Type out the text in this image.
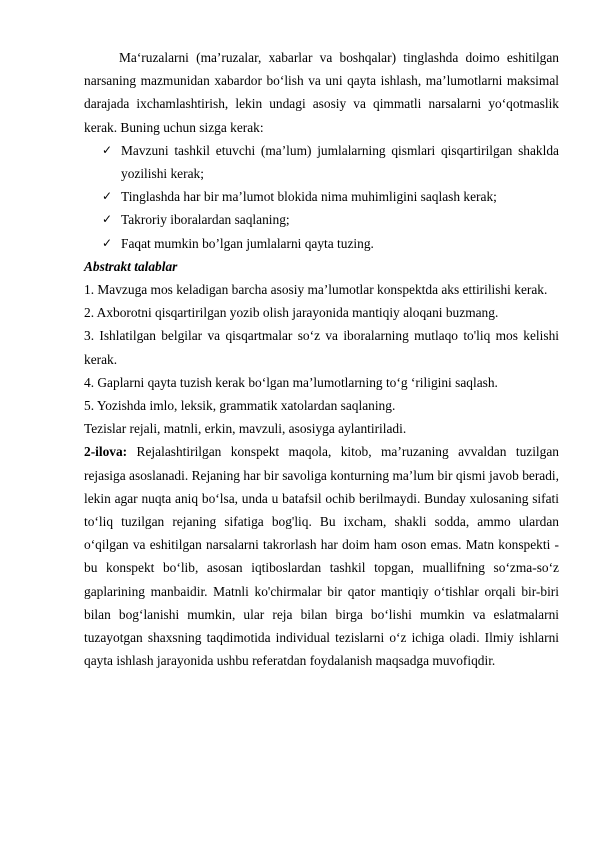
Ma‘ruzalarni (ma’ruzalar, xabarlar va boshqalar) tinglashda doimo eshitilgan narsaning mazmunidan xabardor bo‘lish va uni qayta ishlash, ma’lumotlarni maksimal darajada ixchamlashtirish, lekin undagi asosiy va qimmatli narsalarni yo‘qotmaslik kerak. Buning uchun sizga kerak:

✓ Mavzuni tashkil etuvchi (ma’lum) jumlalarning qismlari qisqartirilgan shaklda yozilishi kerak;
✓ Tinglashda har bir ma’lumot blokida nima muhimligini saqlash kerak;
✓ Takroriy iboralardan saqlaning;
✓ Faqat mumkin bo’lgan jumlalarni qayta tuzing.

Abstrakt talablar

1. Mavzuga mos keladigan barcha asosiy ma’lumotlar konspektda aks ettirilishi kerak.

2. Axborotni qisqartirilgan yozib olish jarayonida mantiqiy aloqani buzmang.

3. Ishlatilgan belgilar va qisqartmalar so‘z va iboralarning mutlaqo to'liq mos kelishi kerak.

4. Gaplarni qayta tuzish kerak bo‘lgan ma’lumotlarning to‘g ‘riligini saqlash.

5. Yozishda imlo, leksik, grammatik xatolardan saqlaning.

Tezislar rejali, matnli, erkin, mavzuli, asosiyga aylantiriladi.

2-ilova: Rejalashtirilgan konspekt maqola, kitob, ma’ruzaning avvaldan tuzilgan rejasiga asoslanadi. Rejaning har bir savoliga konturning ma’lum bir qismi javob beradi, lekin agar nuqta aniq bo‘lsa, unda u batafsil ochib berilmaydi. Bunday xulosaning sifati to‘liq tuzilgan rejaning sifatiga bog'liq. Bu ixcham, shakli sodda, ammo ulardan o‘qilgan va eshitilgan narsalarni takrorlash har doim ham oson emas. Matn konspekti - bu konspekt bo‘lib, asosan iqtiboslardan tashkil topgan, muallifning so‘zma-so‘z gaplarining manbaidir. Matnli ko'chirmalar bir qator mantiqiy o‘tishlar orqali bir-biri bilan bog‘lanishi mumkin, ular reja bilan birga bo‘lishi mumkin va eslatmalarni tuzayotgan shaxsning taqdimotida individual tezislarni o‘z ichiga oladi. Ilmiy ishlarni qayta ishlash jarayonida ushbu referatdan foydalanish maqsadga muvofiqdir.
